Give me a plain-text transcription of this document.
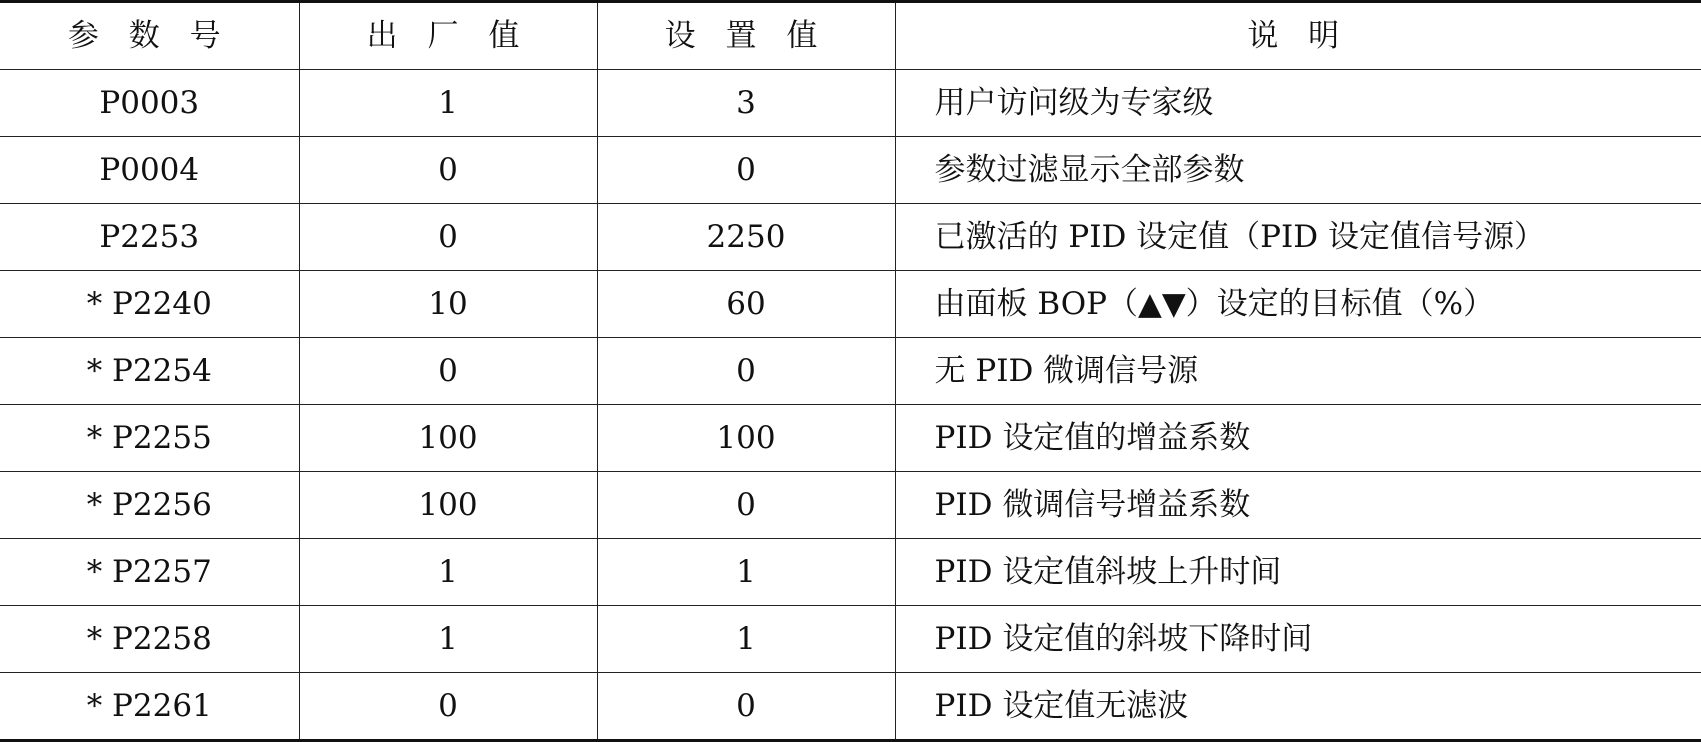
参 数 号	出 厂 值	设 置 值	说 明
P0003	1	3	用户访问级为专家级
P0004	0	0	参数过滤显示全部参数
P2253	0	2250	已激活的 PID 设定值（PID 设定值信号源）
* P2240	10	60	由面板 BOP（▲▼）设定的目标值（%）
* P2254	0	0	无 PID 微调信号源
* P2255	100	100	PID 设定值的增益系数
* P2256	100	0	PID 微调信号增益系数
* P2257	1	1	PID 设定值斜坡上升时间
* P2258	1	1	PID 设定值的斜坡下降时间
* P2261	0	0	PID 设定值无滤波
